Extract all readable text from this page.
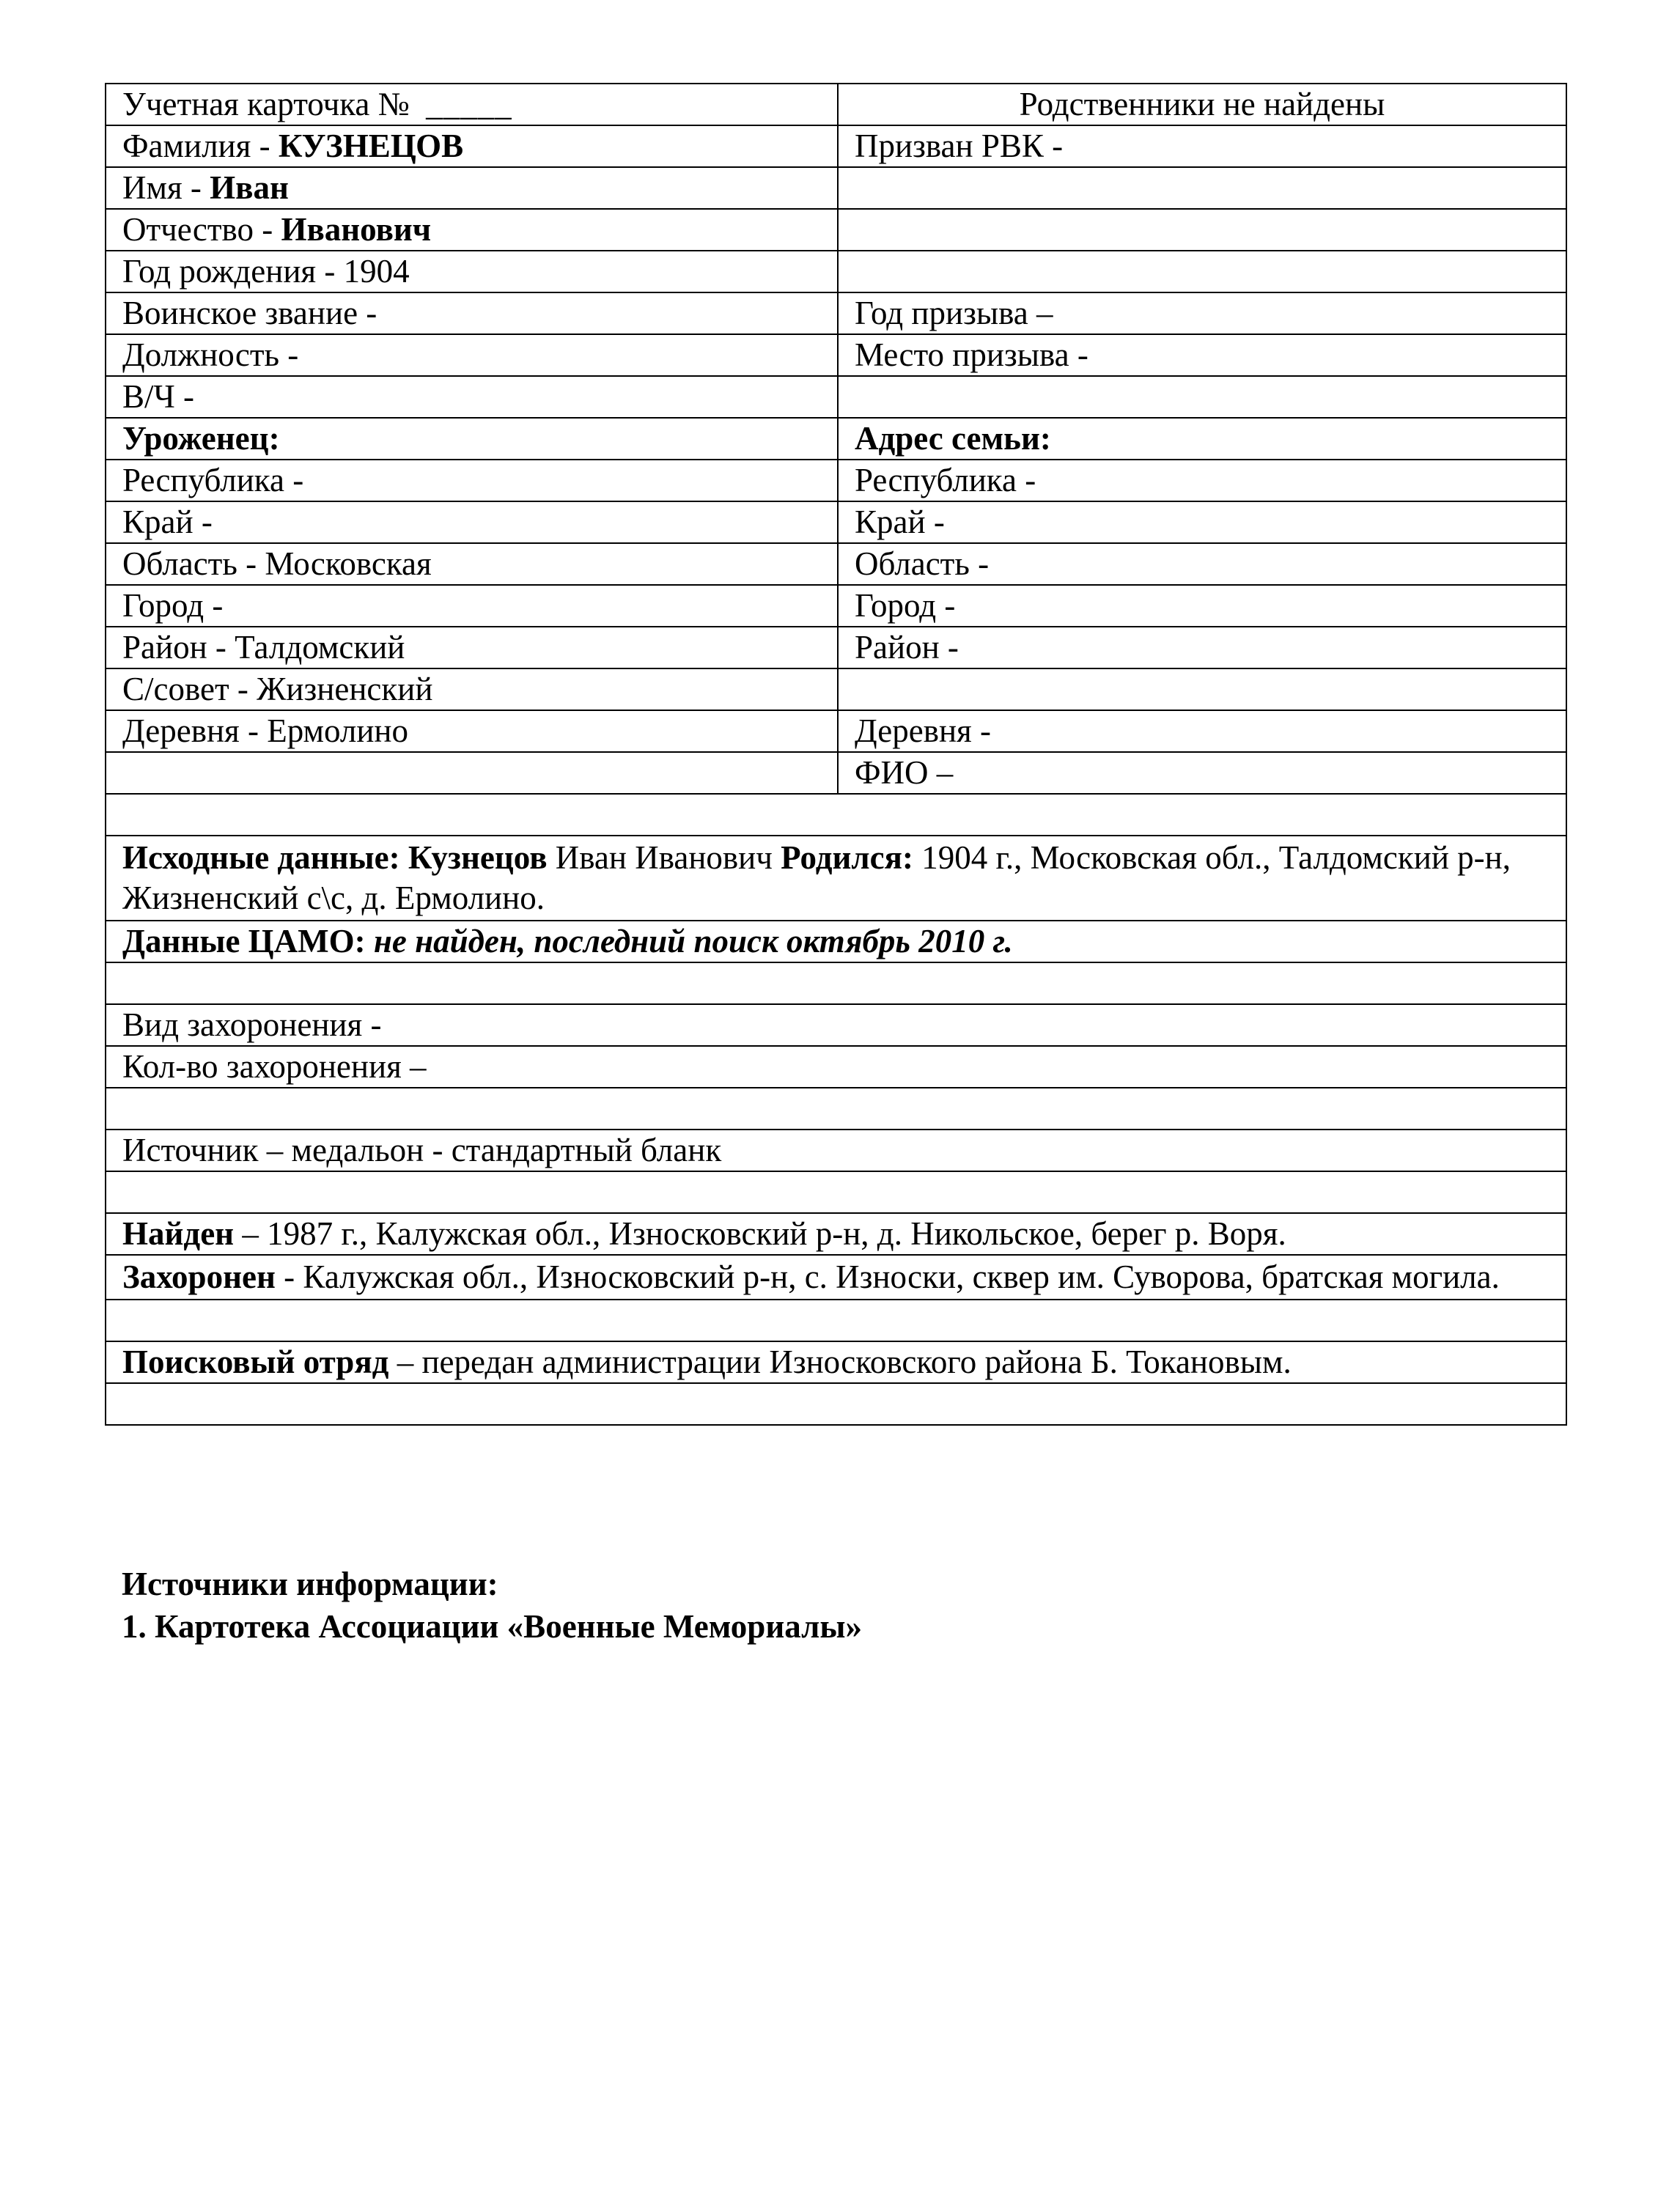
Учетная карточка № _____	Родственники не найдены
Фамилия - КУЗНЕЦОВ	Призван РВК -
Имя - Иван	
Отчество - Иванович	
Год рождения - 1904	
Воинское звание -	Год призыва –
Должность -	Место призыва -
В/Ч -	
Уроженец:	Адрес семьи:
Республика -	Республика -
Край -	Край -
Область - Московская	Область -
Город -	Город -
Район - Талдомский	Район -
С/совет - Жизненский	
Деревня - Ермолино	Деревня -
	ФИО –

Исходные данные: Кузнецов Иван Иванович Родился: 1904 г., Московская обл., Талдомский р-н, Жизненский с\с, д. Ермолино.	
Данные ЦАМО: не найден, последний поиск октябрь 2010 г.	

Вид захоронения -	
Кол-во захоронения –	

Источник – медальон - стандартный бланк	

Найден – 1987 г., Калужская обл., Износковский р-н, д. Никольское, берег р. Воря.	
Захоронен - Калужская обл., Износковский р-н, с. Износки, сквер им. Суворова, братская могила.	

Поисковый отряд – передан администрации Износковского района Б. Токановым.	

Источники информации:
1. Картотека Ассоциации «Военные Мемориалы»
